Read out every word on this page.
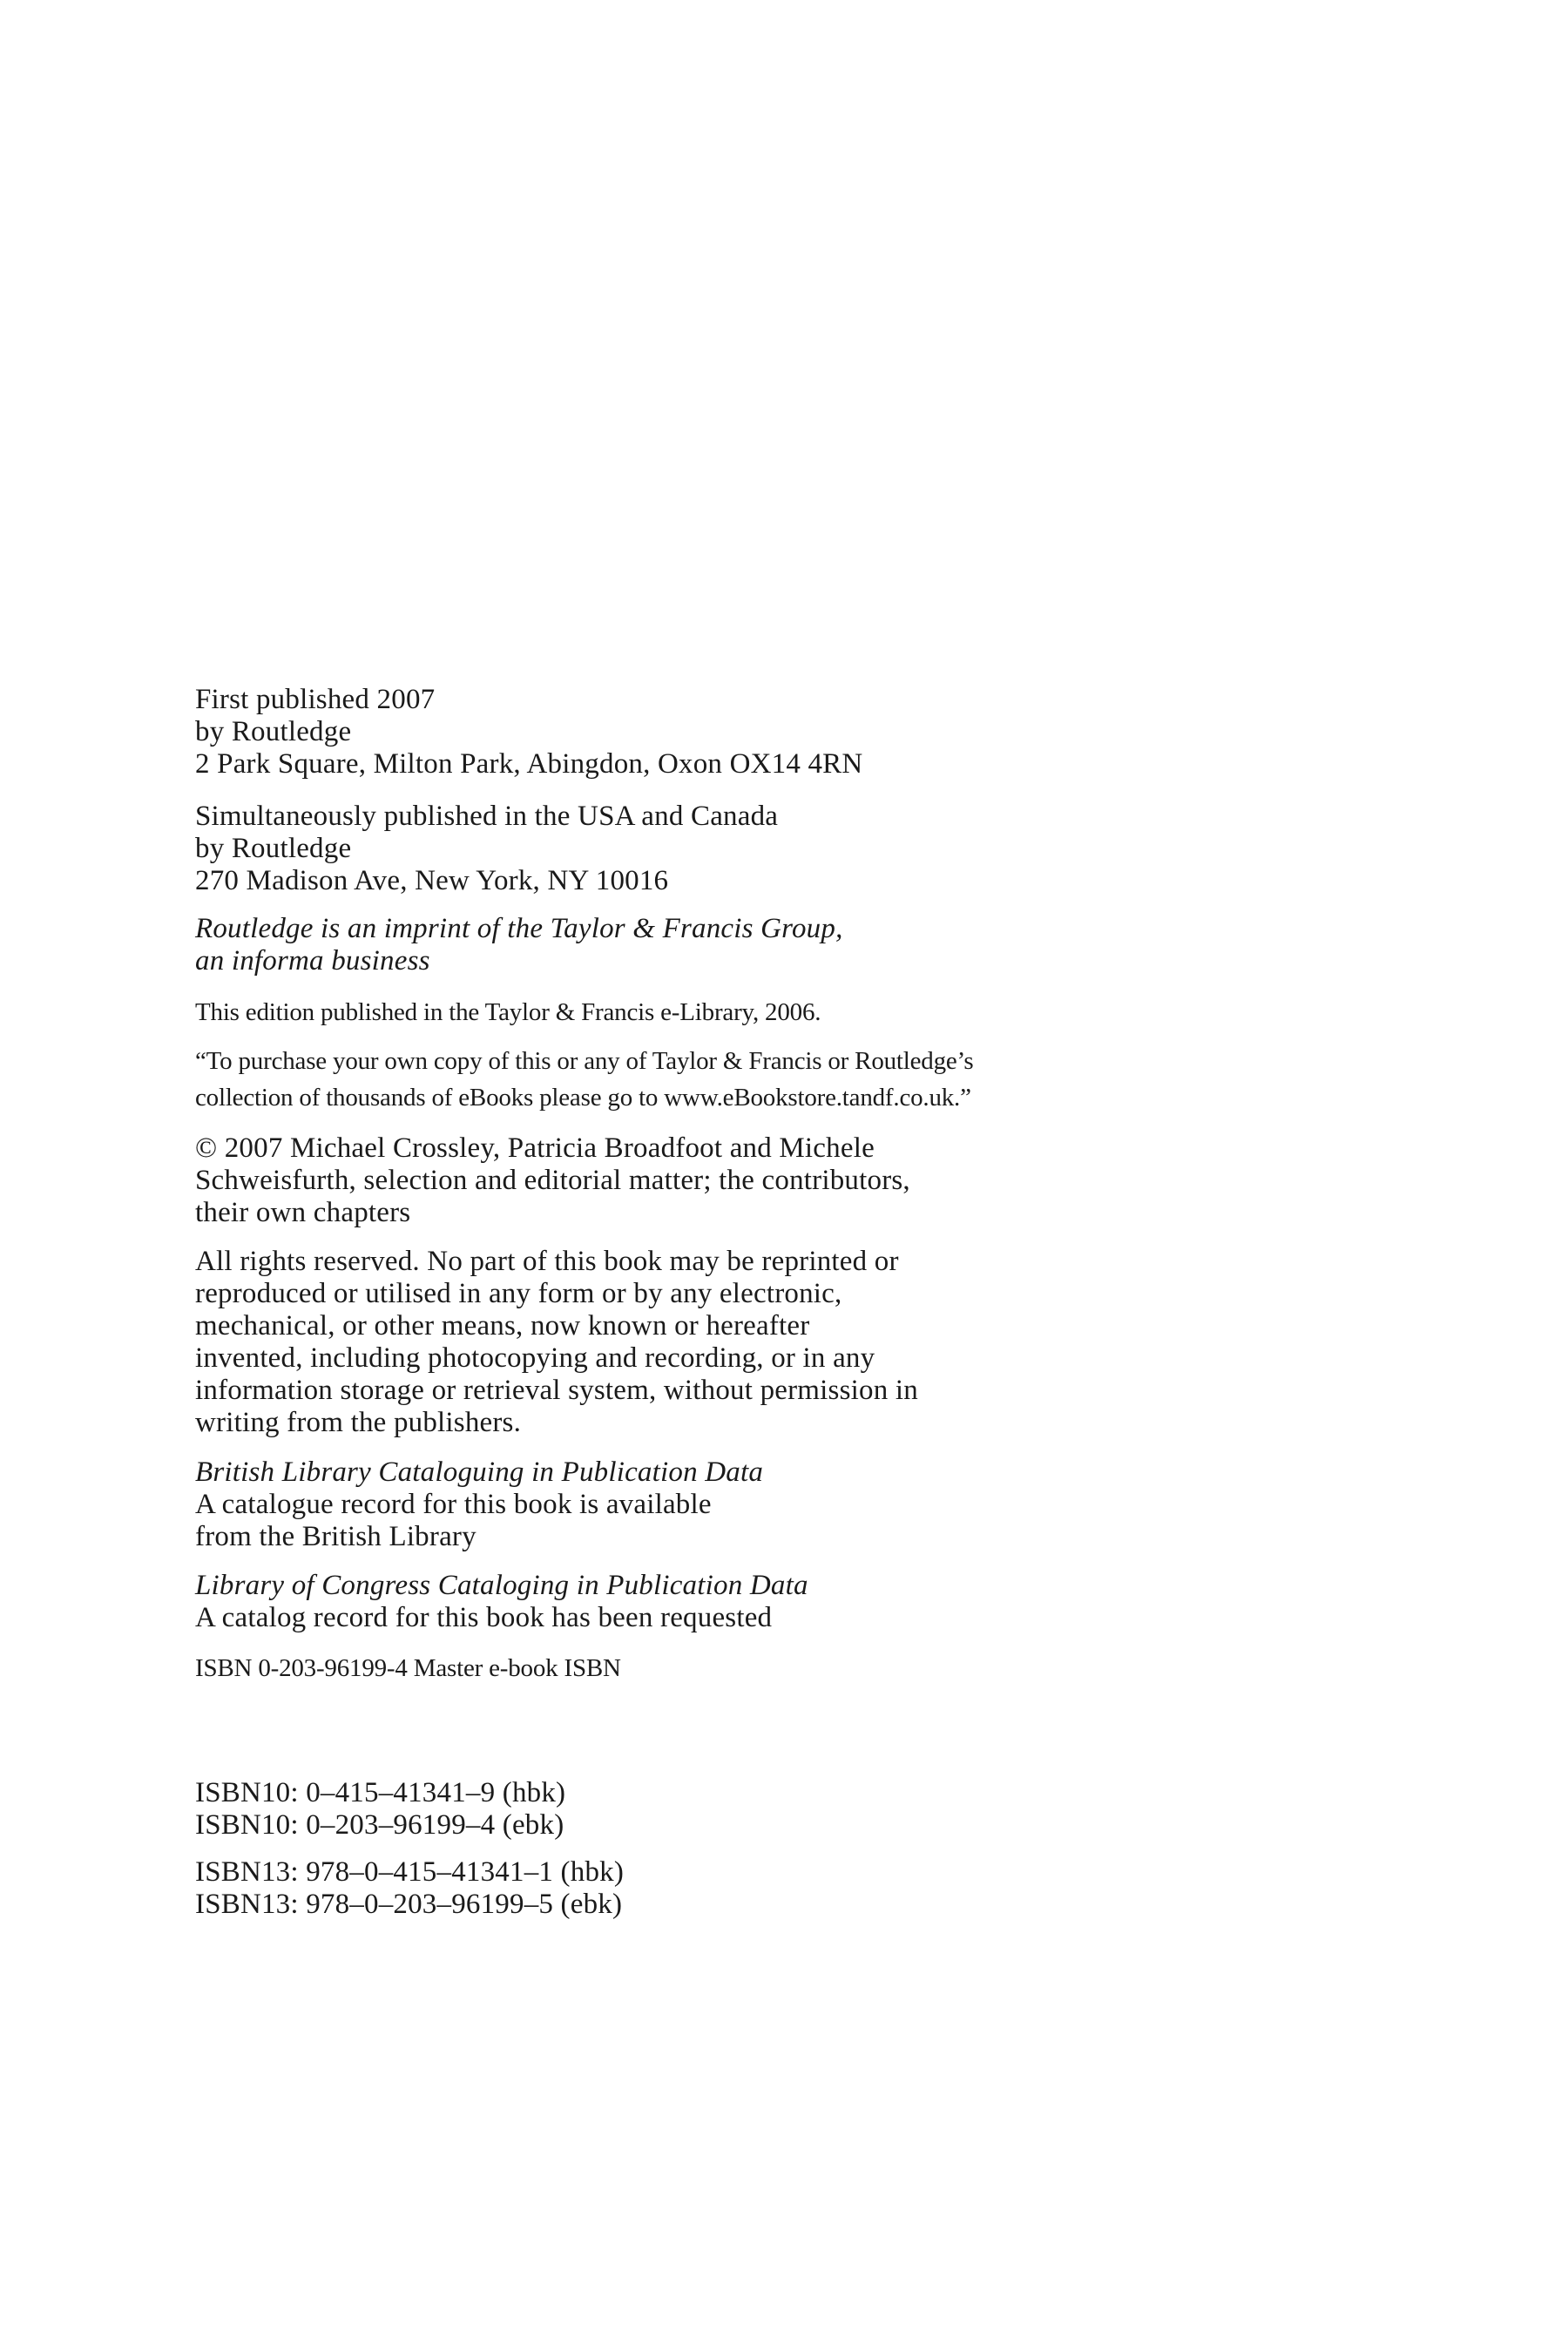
First published 2007
by Routledge
2 Park Square, Milton Park, Abingdon, Oxon OX14 4RN

Simultaneously published in the USA and Canada
by Routledge
270 Madison Ave, New York, NY 10016

Routledge is an imprint of the Taylor & Francis Group,
an informa business

This edition published in the Taylor & Francis e-Library, 2006.

“To purchase your own copy of this or any of Taylor & Francis or Routledge’s
collection of thousands of eBooks please go to www.eBookstore.tandf.co.uk.”

© 2007 Michael Crossley, Patricia Broadfoot and Michele
Schweisfurth, selection and editorial matter; the contributors,
their own chapters

All rights reserved. No part of this book may be reprinted or
reproduced or utilised in any form or by any electronic,
mechanical, or other means, now known or hereafter
invented, including photocopying and recording, or in any
information storage or retrieval system, without permission in
writing from the publishers.

British Library Cataloguing in Publication Data
A catalogue record for this book is available
from the British Library

Library of Congress Cataloging in Publication Data
A catalog record for this book has been requested

ISBN 0-203-96199-4 Master e-book ISBN

ISBN10: 0–415–41341–9 (hbk)
ISBN10: 0–203–96199–4 (ebk)

ISBN13: 978–0–415–41341–1 (hbk)
ISBN13: 978–0–203–96199–5 (ebk)
